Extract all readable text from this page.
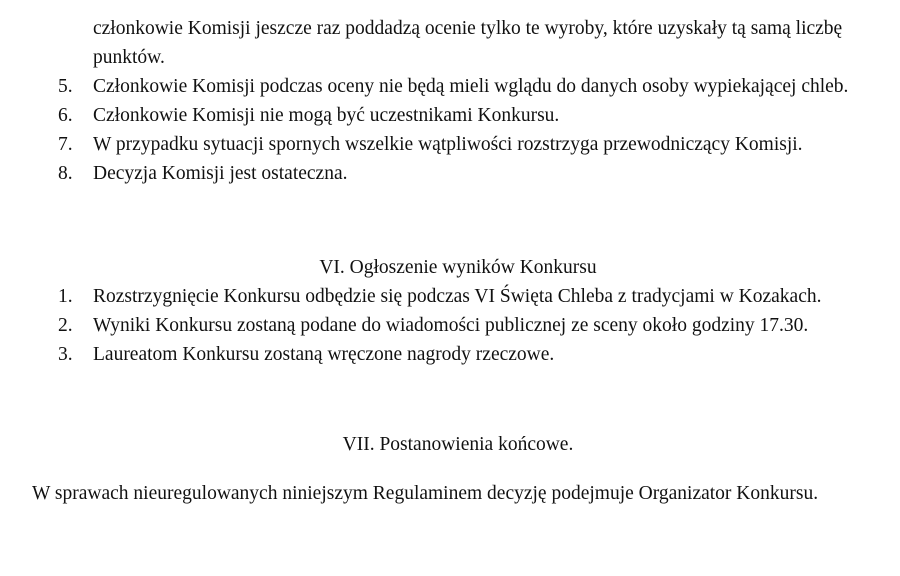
członkowie Komisji jeszcze raz poddadzą ocenie tylko te wyroby, które uzyskały tą samą liczbę punktów.
5. Członkowie Komisji podczas oceny nie będą mieli wglądu do danych osoby wypiekającej chleb.
6. Członkowie Komisji nie mogą być uczestnikami Konkursu.
7. W przypadku sytuacji spornych wszelkie wątpliwości rozstrzyga przewodniczący Komisji.
8. Decyzja Komisji jest ostateczna.
VI. Ogłoszenie wyników Konkursu
1. Rozstrzygnięcie Konkursu odbędzie się podczas VI Święta Chleba z tradycjami w Kozakach.
2. Wyniki Konkursu zostaną podane do wiadomości publicznej ze sceny około godziny 17.30.
3. Laureatom Konkursu zostaną wręczone nagrody rzeczowe.
VII. Postanowienia końcowe.
W sprawach nieuregulowanych niniejszym Regulaminem decyzję podejmuje Organizator Konkursu.
